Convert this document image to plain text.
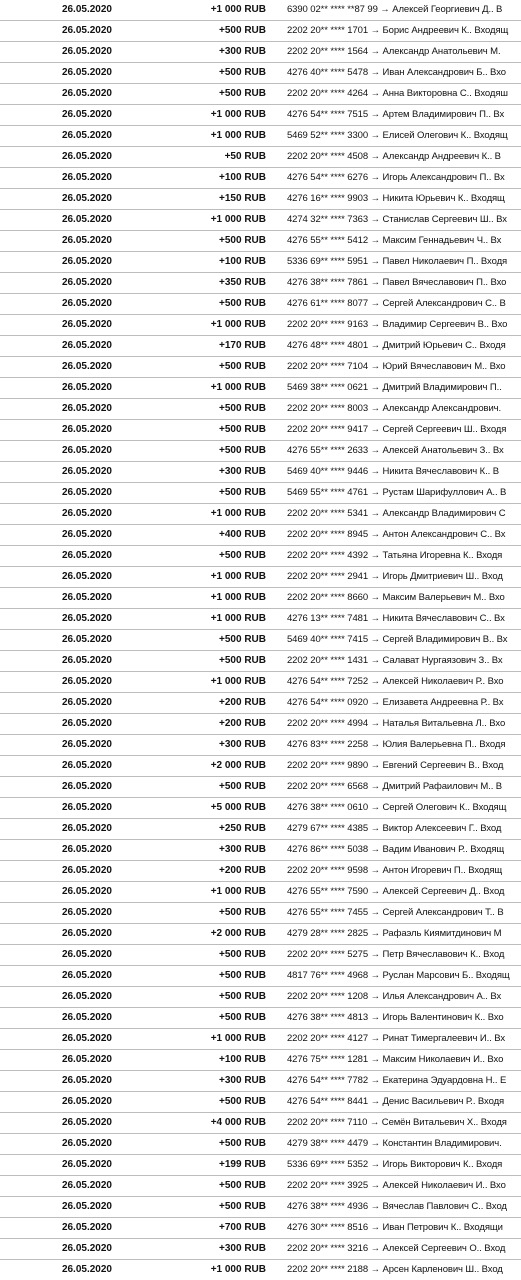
26.05.2020	+1 000 RUB 6390 02** **** **87 99 → Алексей Георгиевич Д.. В
26.05.2020	+500 RUB 2202 20** **** 1701 → Борис Андреевич К.. Входящ
26.05.2020	+300 RUB 2202 20** **** 1564 → Александр Анатольевич М.
26.05.2020	+500 RUB 4276 40** **** 5478 → Иван Александрович Б.. Вхо
26.05.2020	+500 RUB 2202 20** **** 4264 → Анна Викторовна С.. Входяш
26.05.2020	+1 000 RUB 4276 54** **** 7515 → Артем Владимирович П.. Вх
26.05.2020	+1 000 RUB 5469 52** **** 3300 → Елисей Олегович К.. Входящ
26.05.2020	+50 RUB 2202 20** **** 4508 → Александр Андреевич К.. В
26.05.2020	+100 RUB 4276 54** **** 6276 → Игорь Александрович П.. Вх
26.05.2020	+150 RUB 4276 16** **** 9903 → Никита Юрьевич К.. Входящ
26.05.2020	+1 000 RUB 4274 32** **** 7363 → Станислав Сергеевич Ш.. Вх
26.05.2020	+500 RUB 4276 55** **** 5412 → Максим Геннадьевич Ч.. Вх
26.05.2020	+100 RUB 5336 69** **** 5951 → Павел Николаевич П.. Входя
26.05.2020	+350 RUB 4276 38** **** 7861 → Павел Вячеславович П.. Вхо
26.05.2020	+500 RUB 4276 61** **** 8077 → Сергей Александрович С.. В
26.05.2020	+1 000 RUB 2202 20** **** 9163 → Владимир Сергеевич В.. Вхо
26.05.2020	+170 RUB 4276 48** **** 4801 → Дмитрий Юрьевич С.. Входя
26.05.2020	+500 RUB 2202 20** **** 7104 → Юрий Вячеславович М.. Вхо
26.05.2020	+1 000 RUB 5469 38** **** 0621 → Дмитрий Владимирович П..
26.05.2020	+500 RUB 2202 20** **** 8003 → Александр Александрович.
26.05.2020	+500 RUB 2202 20** **** 9417 → Сергей Сергеевич Ш.. Входя
26.05.2020	+500 RUB 4276 55** **** 2633 → Алексей Анатольевич З.. Вх
26.05.2020	+300 RUB 5469 40** **** 9446 → Никита Вячеславович К.. В
26.05.2020	+500 RUB 5469 55** **** 4761 → Рустам Шарифуллович А.. В
26.05.2020	+1 000 RUB 2202 20** **** 5341 → Александр Владимирович С
26.05.2020	+400 RUB 2202 20** **** 8945 → Антон Александрович С.. Вх
26.05.2020	+500 RUB 2202 20** **** 4392 → Татьяна Игоревна К.. Входя
26.05.2020	+1 000 RUB 2202 20** **** 2941 → Игорь Дмитриевич Ш.. Вход
26.05.2020	+1 000 RUB 2202 20** **** 8660 → Максим Валерьевич М.. Вхо
26.05.2020	+1 000 RUB 4276 13** **** 7481 → Никита Вячеславович С.. Вх
26.05.2020	+500 RUB 5469 40** **** 7415 → Сергей Владимирович В.. Вх
26.05.2020	+500 RUB 2202 20** **** 1431 → Салават Нургаязович З.. Вх
26.05.2020	+1 000 RUB 4276 54** **** 7252 → Алексей Николаевич Р.. Вхо
26.05.2020	+200 RUB 4276 54** **** 0920 → Елизавета Андреевна Р.. Вх
26.05.2020	+200 RUB 2202 20** **** 4994 → Наталья Витальевна Л.. Вхо
26.05.2020	+300 RUB 4276 83** **** 2258 → Юлия Валерьевна П.. Входя
26.05.2020	+2 000 RUB 2202 20** **** 9890 → Евгений Сергеевич В.. Вход
26.05.2020	+500 RUB 2202 20** **** 6568 → Дмитрий Рафаилович М.. В
26.05.2020	+5 000 RUB 4276 38** **** 0610 → Сергей Олегович К.. Входящ
26.05.2020	+250 RUB 4279 67** **** 4385 → Виктор Алексеевич Г.. Вход
26.05.2020	+300 RUB 4276 86** **** 5038 → Вадим Иванович Р.. Входящ
26.05.2020	+200 RUB 2202 20** **** 9598 → Антон Игоревич П.. Входящ
26.05.2020	+1 000 RUB 4276 55** **** 7590 → Алексей Сергеевич Д.. Вход
26.05.2020	+500 RUB 4276 55** **** 7455 → Сергей Александрович Т.. В
26.05.2020	+2 000 RUB 4279 28** **** 2825 → Рафаэль Киямитдинович М
26.05.2020	+500 RUB 2202 20** **** 5275 → Петр Вячеславович К.. Вход
26.05.2020	+500 RUB 4817 76** **** 4968 → Руслан Марсович Б.. Входящ
26.05.2020	+500 RUB 2202 20** **** 1208 → Илья Александрович А.. Вх
26.05.2020	+500 RUB 4276 38** **** 4813 → Игорь Валентинович К.. Вхо
26.05.2020	+1 000 RUB 2202 20** **** 4127 → Ринат Тимергалеевич И.. Вх
26.05.2020	+100 RUB 4276 75** **** 1281 → Максим Николаевич И.. Вхо
26.05.2020	+300 RUB 4276 54** **** 7782 → Екатерина Эдуардовна Н.. Е
26.05.2020	+500 RUB 4276 54** **** 8441 → Денис Васильевич Р.. Входя
26.05.2020	+4 000 RUB 2202 20** **** 7110 → Семён Витальевич Х.. Входя
26.05.2020	+500 RUB 4279 38** **** 4479 → Константин Владимирович.
26.05.2020	+199 RUB 5336 69** **** 5352 → Игорь Викторович К.. Входя
26.05.2020	+500 RUB 2202 20** **** 3925 → Алексей Николаевич И.. Вхо
26.05.2020	+500 RUB 4276 38** **** 4936 → Вячеслав Павлович С.. Вход
26.05.2020	+700 RUB 4276 30** **** 8516 → Иван Петрович К.. Входящи
26.05.2020	+300 RUB 2202 20** **** 3216 → Алексей Сергеевич О.. Вход
26.05.2020	+1 000 RUB 2202 20** **** 2188 → Арсен Карленович Ш.. Вход
